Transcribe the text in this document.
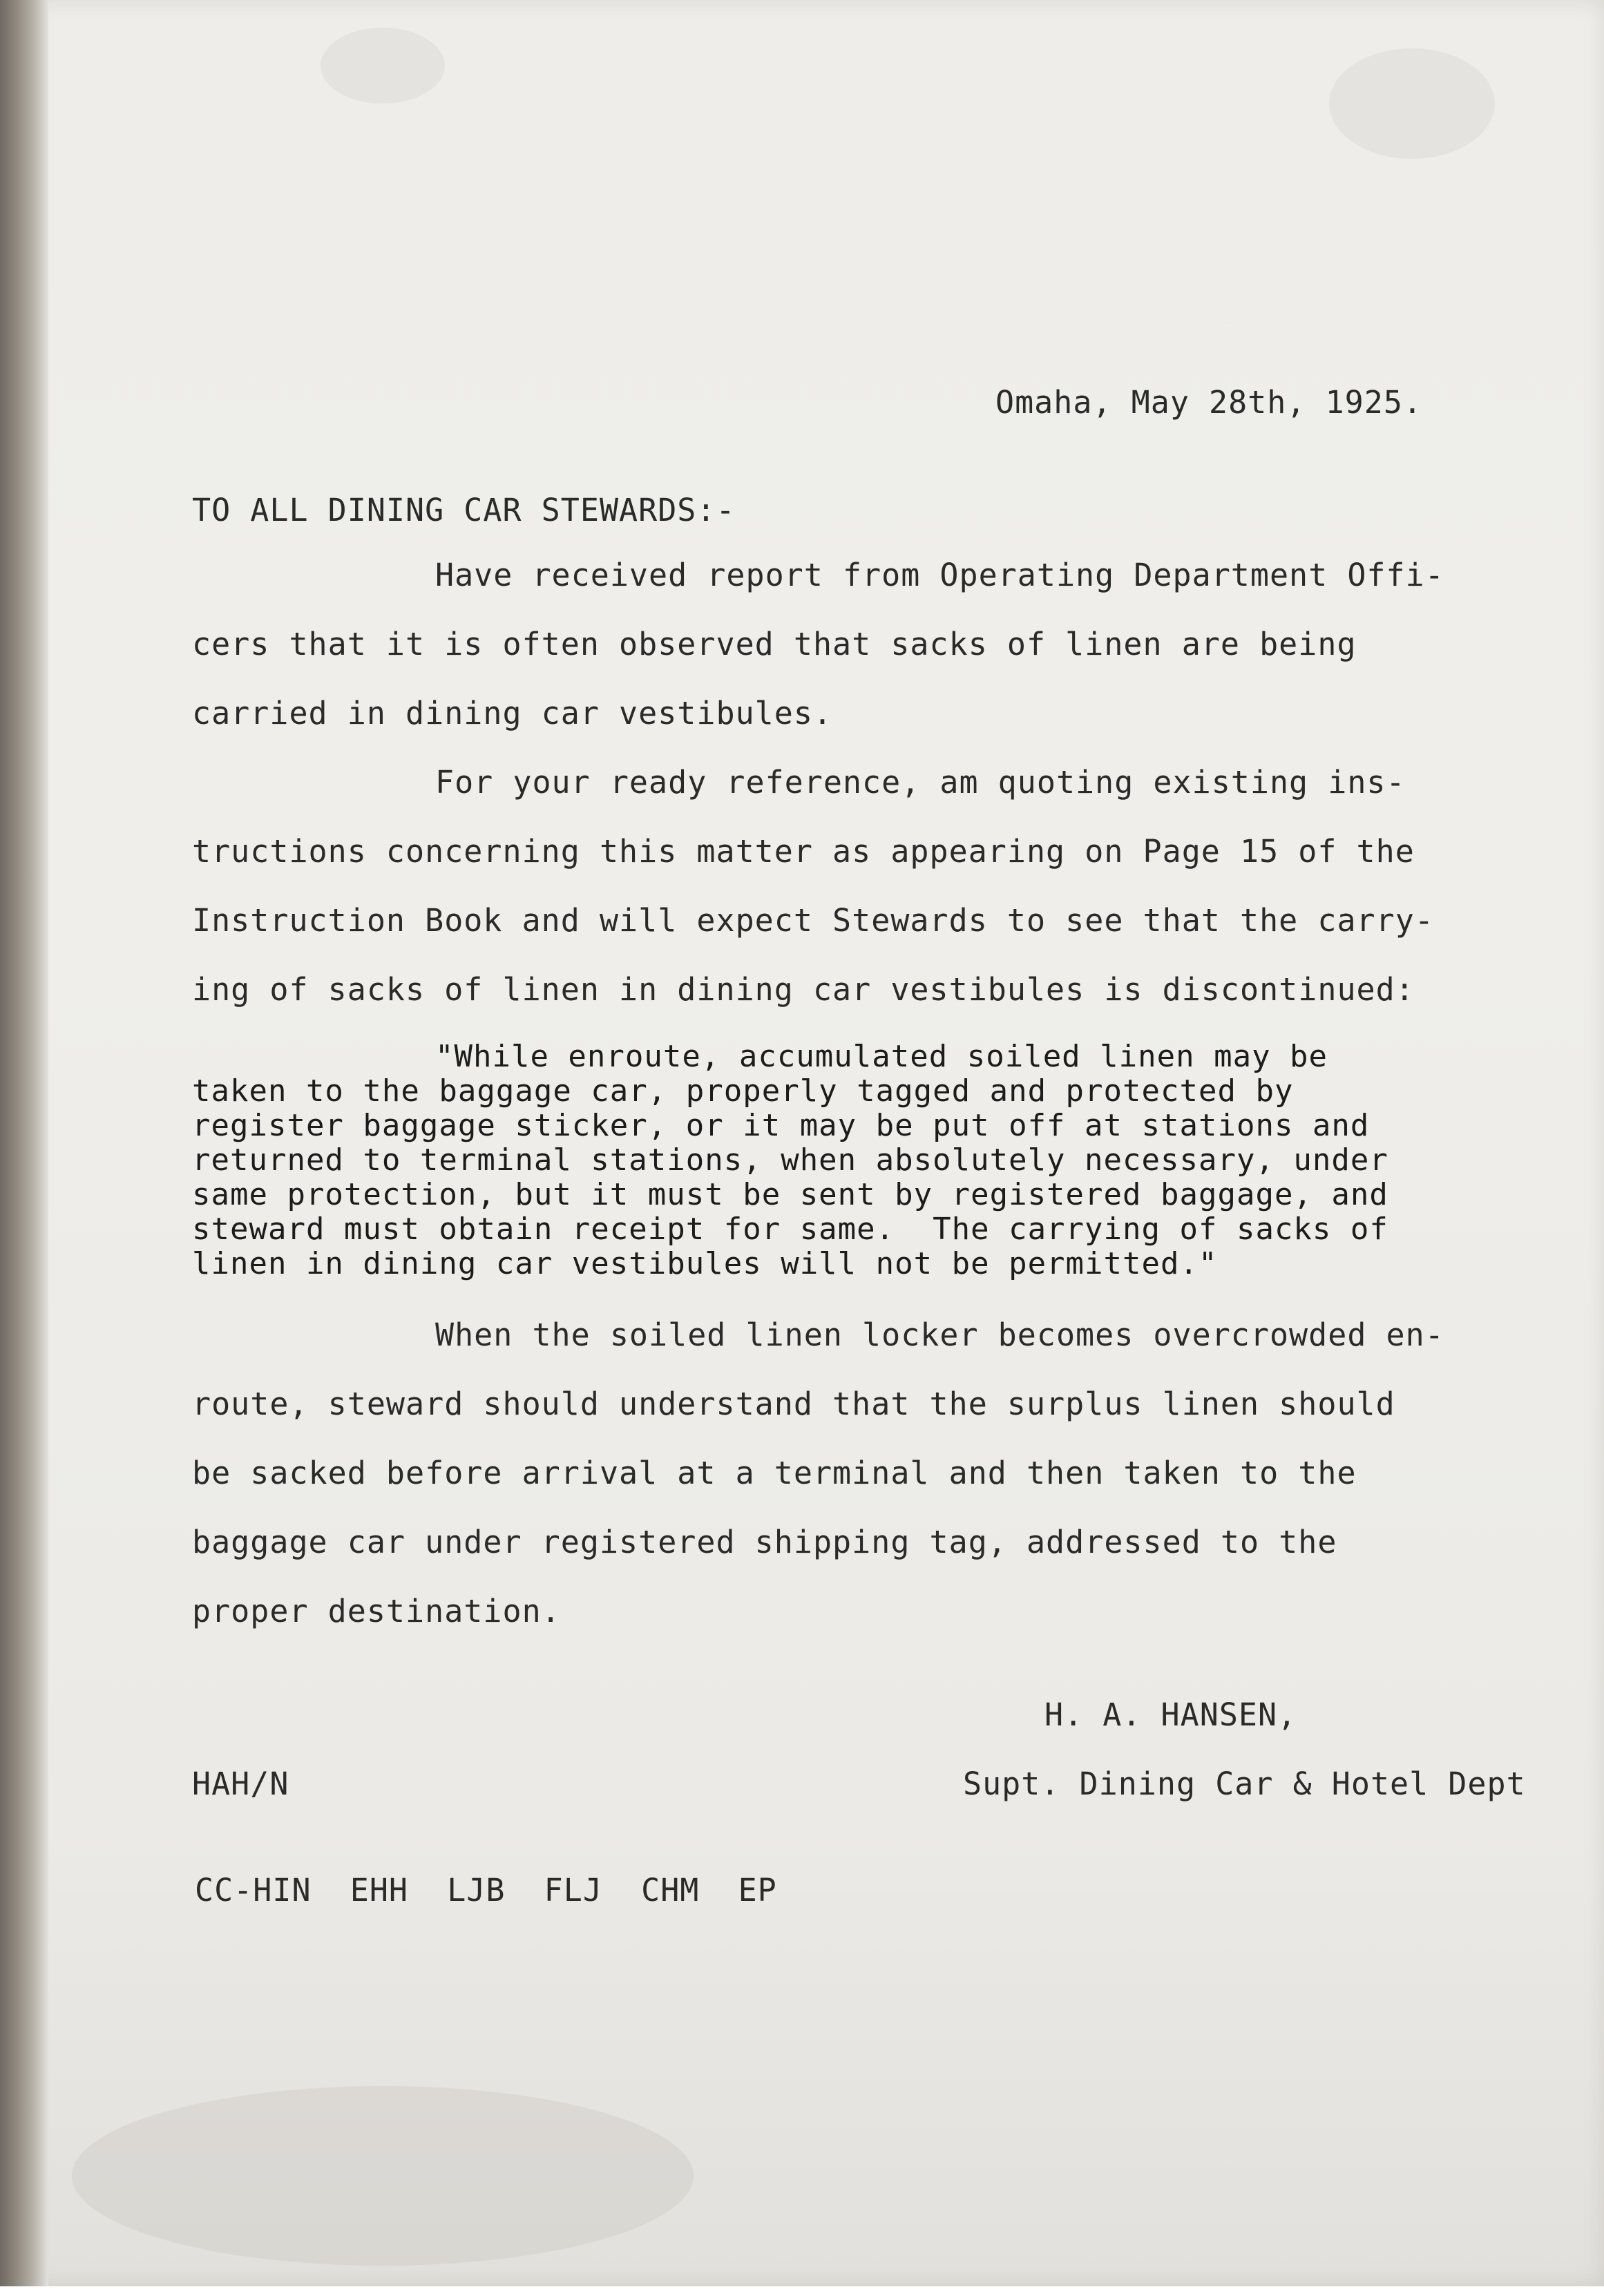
Omaha, May 28th, 1925.

TO ALL DINING CAR STEWARDS:-

Have received report from Operating Department Offi-

cers that it is often observed that sacks of linen are being

carried in dining car vestibules.

For your ready reference, am quoting existing ins-

tructions concerning this matter as appearing on Page 15 of the

Instruction Book and will expect Stewards to see that the carry-

ing of sacks of linen in dining car vestibules is discontinued:

"While enroute, accumulated soiled linen may be

taken to the baggage car, properly tagged and protected by

register baggage sticker, or it may be put off at stations and

returned to terminal stations, when absolutely necessary, under

same protection, but it must be sent by registered baggage, and

steward must obtain receipt for same.  The carrying of sacks of

linen in dining car vestibules will not be permitted."

When the soiled linen locker becomes overcrowded en-

route, steward should understand that the surplus linen should

be sacked before arrival at a terminal and then taken to the

baggage car under registered shipping tag, addressed to the

proper destination.

H. A. HANSEN,

HAH/N	Supt. Dining Car & Hotel Dept

CC-HIN  EHH  LJB  FLJ  CHM  EP
